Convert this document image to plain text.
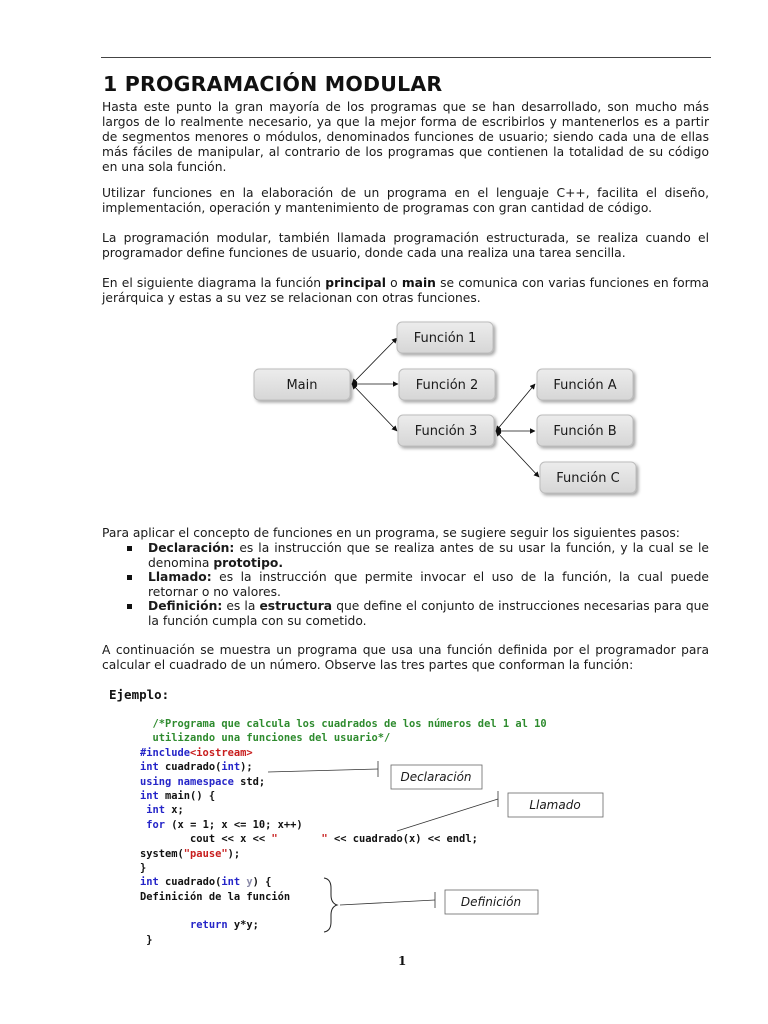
1 PROGRAMACIÓN MODULAR

Hasta este punto la gran mayoría de los programas que se han desarrollado, son mucho más largos de lo realmente necesario, ya que la mejor forma de escribirlos y mantenerlos es a partir de segmentos menores o módulos, denominados funciones de usuario; siendo cada una de ellas más fáciles de manipular, al contrario de los programas que contienen la totalidad de su código en una sola función.

Utilizar funciones en la elaboración de un programa en el lenguaje C++, facilita el diseño, implementación, operación y mantenimiento de programas con gran cantidad de código.

La programación modular, también llamada programación estructurada, se realiza cuando el programador define funciones de usuario, donde cada una realiza una tarea sencilla.

En el siguiente diagrama la función principal o main se comunica con varias funciones en forma jerárquica y estas a su vez se relacionan con otras funciones.

Main
Función 1
Función 2
Función 3
Función A
Función B
Función C
Declaración
Llamado
Definición

Para aplicar el concepto de funciones en un programa, se sugiere seguir los siguientes pasos:

Declaración: es la instrucción que se realiza antes de su usar la función, y la cual se le denomina prototipo.
Llamado: es la instrucción que permite invocar el uso de la función, la cual puede retornar o no valores.
Definición: es la estructura que define el conjunto de instrucciones necesarias para que la función cumpla con su cometido.

A continuación se muestra un programa que usa una función definida por el programador para calcular el cuadrado de un número. Observe las tres partes que conforman la función:

Ejemplo:

/*Programa que calcula los cuadrados de los números del 1 al 10
utilizando una funciones del usuario*/
#include<iostream>
int cuadrado(int);
using namespace std;
int main() {
int x;
for (x = 1; x <= 10; x++)
cout << x << "       " << cuadrado(x) << endl;
system("pause");
}
int cuadrado(int y) {
Definición de la función

return y*y;
}

1
